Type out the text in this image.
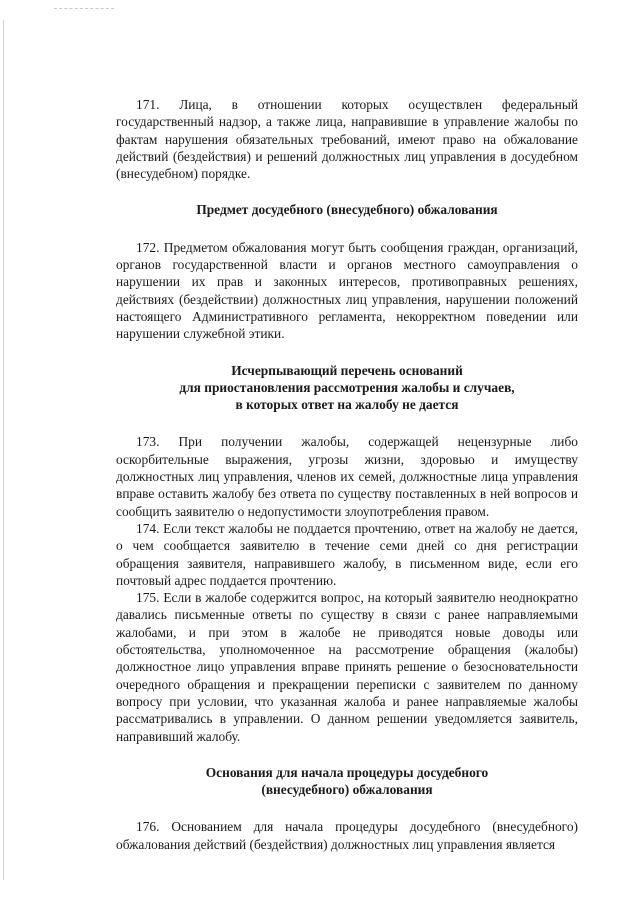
171. Лица, в отношении которых осуществлен федеральный государственный надзор, а также лица, направившие в управление жалобы по фактам нарушения обязательных требований, имеют право на обжалование действий (бездействия) и решений должностных лиц управления в досудебном (внесудебном) порядке.

Предмет досудебного (внесудебного) обжалования

172. Предметом обжалования могут быть сообщения граждан, организаций, органов государственной власти и органов местного самоуправления о нарушении их прав и законных интересов, противоправных решениях, действиях (бездействии) должностных лиц управления, нарушении положений настоящего Административного регламента, некорректном поведении или нарушении служебной этики.

Исчерпывающий перечень оснований
для приостановления рассмотрения жалобы и случаев,
в которых ответ на жалобу не дается

173. При получении жалобы, содержащей нецензурные либо оскорбительные выражения, угрозы жизни, здоровью и имуществу должностных лиц управления, членов их семей, должностные лица управления вправе оставить жалобу без ответа по существу поставленных в ней вопросов и сообщить заявителю о недопустимости злоупотребления правом.

174. Если текст жалобы не поддается прочтению, ответ на жалобу не дается, о чем сообщается заявителю в течение семи дней со дня регистрации обращения заявителя, направившего жалобу, в письменном виде, если его почтовый адрес поддается прочтению.

175. Если в жалобе содержится вопрос, на который заявителю неоднократно давались письменные ответы по существу в связи с ранее направляемыми жалобами, и при этом в жалобе не приводятся новые доводы или обстоятельства, уполномоченное на рассмотрение обращения (жалобы) должностное лицо управления вправе принять решение о безосновательности очередного обращения и прекращении переписки с заявителем по данному вопросу при условии, что указанная жалоба и ранее направляемые жалобы рассматривались в управлении. О данном решении уведомляется заявитель, направивший жалобу.

Основания для начала процедуры досудебного
(внесудебного) обжалования

176. Основанием для начала процедуры досудебного (внесудебного) обжалования действий (бездействия) должностных лиц управления является
